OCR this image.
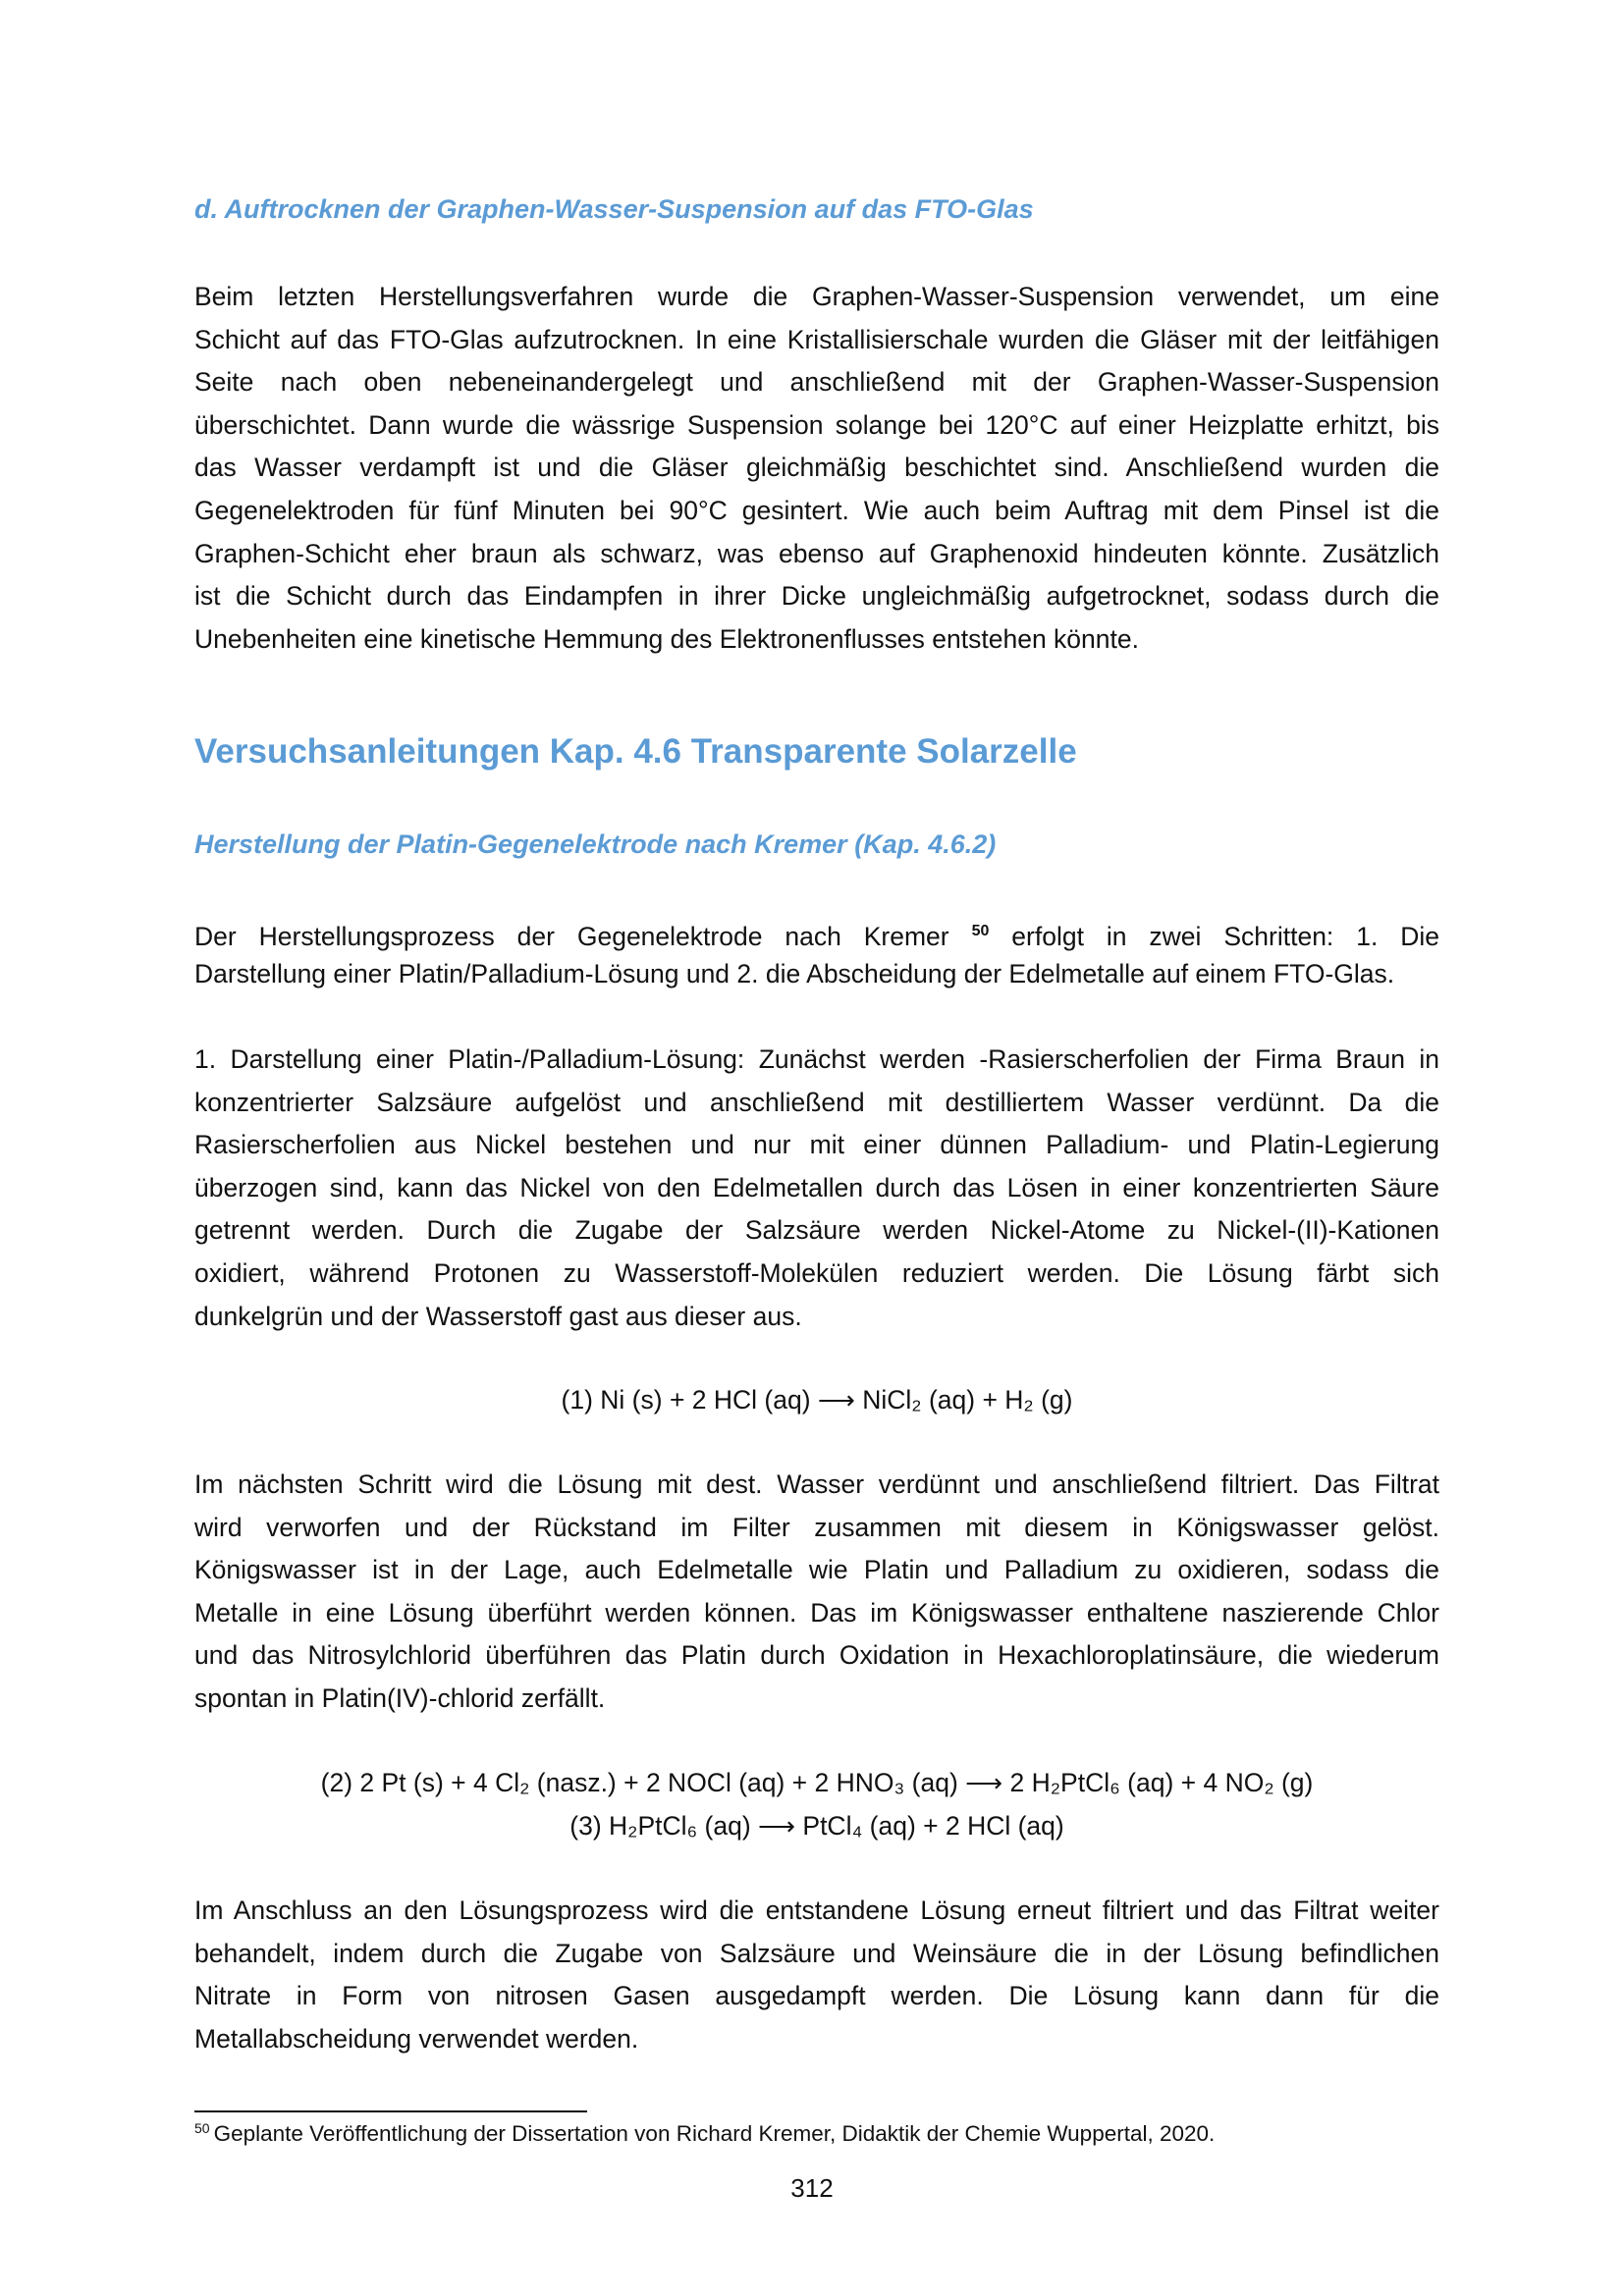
d. Auftrocknen der Graphen-Wasser-Suspension auf das FTO-Glas
Beim letzten Herstellungsverfahren wurde die Graphen-Wasser-Suspension verwendet, um eine
Schicht auf das FTO-Glas aufzutrocknen. In eine Kristallisierschale wurden die Gläser mit der leitfähigen
Seite nach oben nebeneinandergelegt und anschließend mit der Graphen-Wasser-Suspension
überschichtet. Dann wurde die wässrige Suspension solange bei 120°C auf einer Heizplatte erhitzt, bis
das Wasser verdampft ist und die Gläser gleichmäßig beschichtet sind. Anschließend wurden die
Gegenelektroden für fünf Minuten bei 90°C gesintert. Wie auch beim Auftrag mit dem Pinsel ist die
Graphen-Schicht eher braun als schwarz, was ebenso auf Graphenoxid hindeuten könnte. Zusätzlich
ist die Schicht durch das Eindampfen in ihrer Dicke ungleichmäßig aufgetrocknet, sodass durch die
Unebenheiten eine kinetische Hemmung des Elektronenflusses entstehen könnte.
Versuchsanleitungen Kap. 4.6 Transparente Solarzelle
Herstellung der Platin-Gegenelektrode nach Kremer (Kap. 4.6.2)
Der Herstellungsprozess der Gegenelektrode nach Kremer $^{50}$ erfolgt in zwei Schritten: 1. Die
Darstellung einer Platin/Palladium-Lösung und 2. die Abscheidung der Edelmetalle auf einem FTO-Glas.
1. Darstellung einer Platin-/Palladium-Lösung: Zunächst werden -Rasierscherfolien der Firma Braun in
konzentrierter Salzsäure aufgelöst und anschließend mit destilliertem Wasser verdünnt. Da die
Rasierscherfolien aus Nickel bestehen und nur mit einer dünnen Palladium- und Platin-Legierung
überzogen sind, kann das Nickel von den Edelmetallen durch das Lösen in einer konzentrierten Säure
getrennt werden. Durch die Zugabe der Salzsäure werden Nickel-Atome zu Nickel-(II)-Kationen
oxidiert, während Protonen zu Wasserstoff-Molekülen reduziert werden. Die Lösung färbt sich
dunkelgrün und der Wasserstoff gast aus dieser aus.
(1) Ni (s) + 2 HCl (aq) ⟶ NiCl₂ (aq) + H₂ (g)
Im nächsten Schritt wird die Lösung mit dest. Wasser verdünnt und anschließend filtriert. Das Filtrat
wird verworfen und der Rückstand im Filter zusammen mit diesem in Königswasser gelöst.
Königswasser ist in der Lage, auch Edelmetalle wie Platin und Palladium zu oxidieren, sodass die
Metalle in eine Lösung überführt werden können. Das im Königswasser enthaltene naszierende Chlor
und das Nitrosylchlorid überführen das Platin durch Oxidation in Hexachloroplatinsäure, die wiederum
spontan in Platin(IV)-chlorid zerfällt.
(2) 2 Pt (s) + 4 Cl₂ (nasz.) + 2 NOCl (aq) + 2 HNO₃ (aq) ⟶ 2 H₂PtCl₆ (aq) + 4 NO₂ (g)
(3) H₂PtCl₆ (aq) ⟶ PtCl₄ (aq) + 2 HCl (aq)
Im Anschluss an den Lösungsprozess wird die entstandene Lösung erneut filtriert und das Filtrat weiter
behandelt, indem durch die Zugabe von Salzsäure und Weinsäure die in der Lösung befindlichen
Nitrate in Form von nitrosen Gasen ausgedampft werden. Die Lösung kann dann für die
Metallabscheidung verwendet werden.
$^{50}$ Geplante Veröffentlichung der Dissertation von Richard Kremer, Didaktik der Chemie Wuppertal, 2020.
312
